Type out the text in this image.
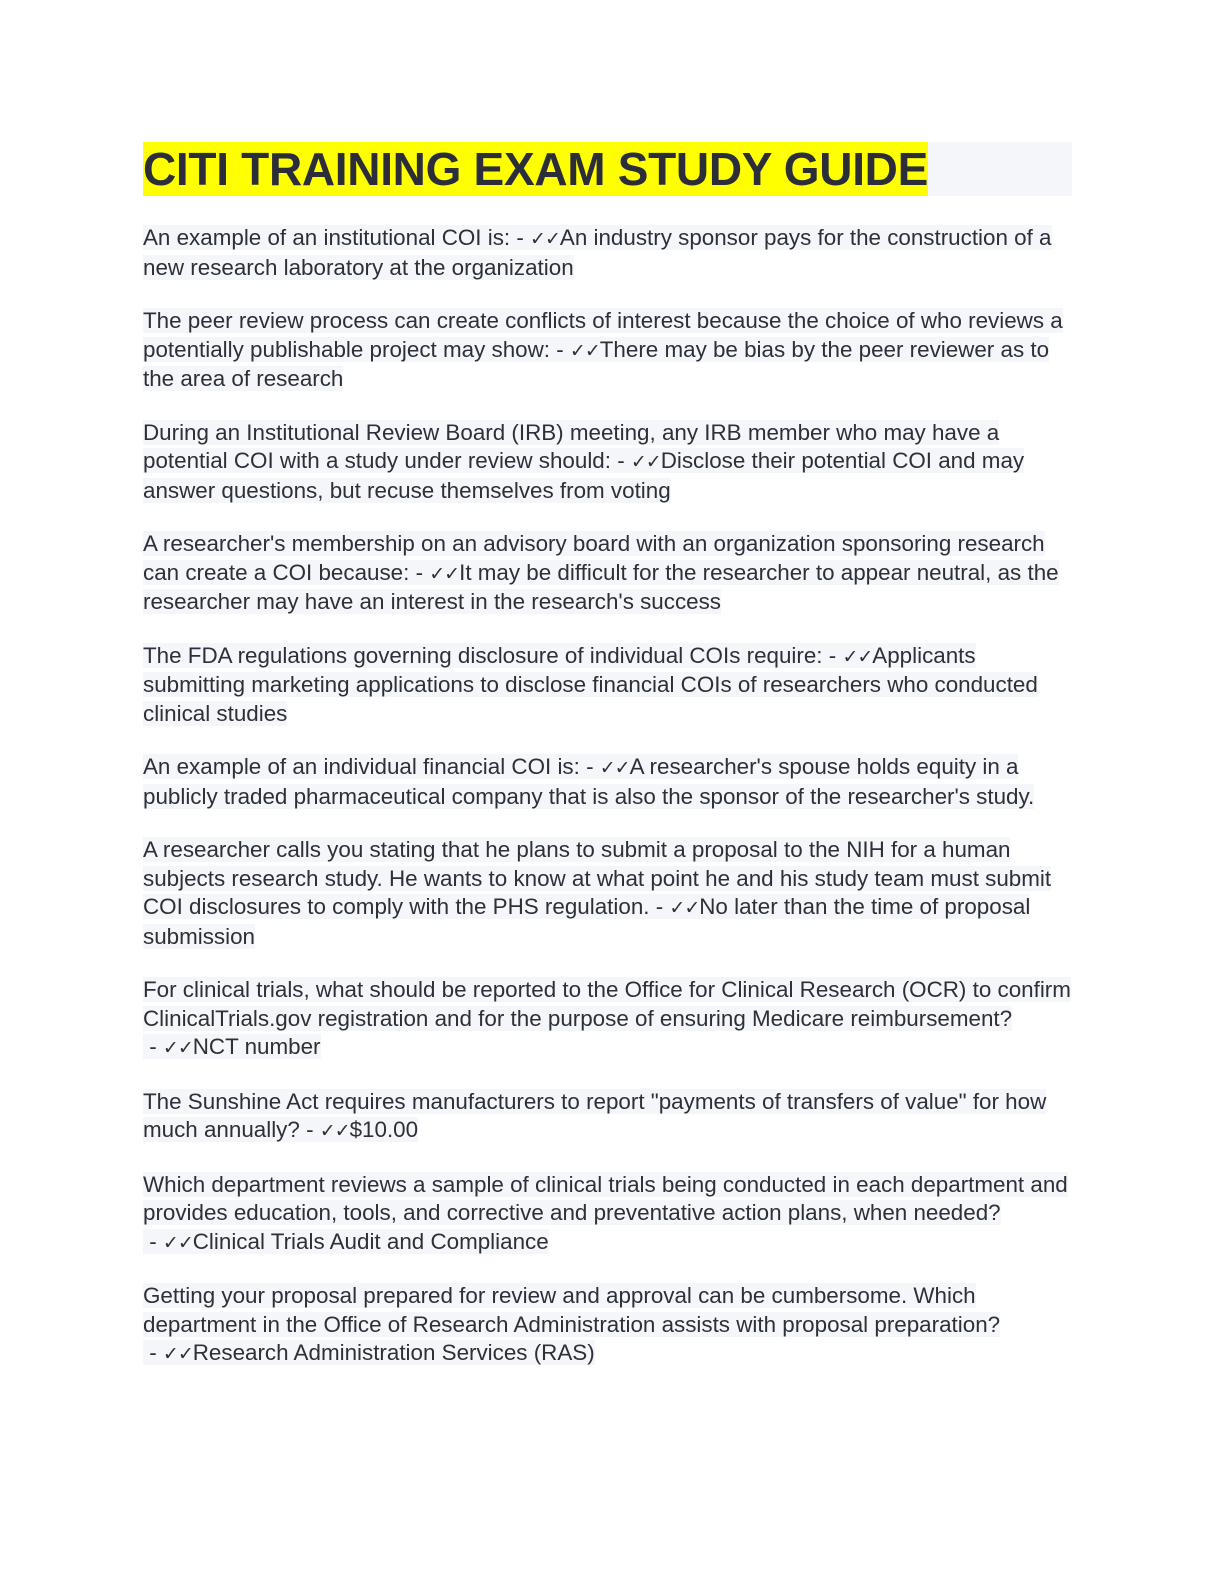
CITI TRAINING EXAM STUDY GUIDE

An example of an institutional COI is: - ✓✓An industry sponsor pays for the construction of a new research laboratory at the organization

The peer review process can create conflicts of interest because the choice of who reviews a potentially publishable project may show: - ✓✓There may be bias by the peer reviewer as to the area of research

During an Institutional Review Board (IRB) meeting, any IRB member who may have a potential COI with a study under review should: - ✓✓Disclose their potential COI and may answer questions, but recuse themselves from voting

A researcher's membership on an advisory board with an organization sponsoring research can create a COI because: - ✓✓It may be difficult for the researcher to appear neutral, as the researcher may have an interest in the research's success

The FDA regulations governing disclosure of individual COIs require: - ✓✓Applicants submitting marketing applications to disclose financial COIs of researchers who conducted clinical studies

An example of an individual financial COI is: - ✓✓A researcher's spouse holds equity in a publicly traded pharmaceutical company that is also the sponsor of the researcher's study.

A researcher calls you stating that he plans to submit a proposal to the NIH for a human subjects research study. He wants to know at what point he and his study team must submit COI disclosures to comply with the PHS regulation. - ✓✓No later than the time of proposal submission

For clinical trials, what should be reported to the Office for Clinical Research (OCR) to confirm ClinicalTrials.gov registration and for the purpose of ensuring Medicare reimbursement? - ✓✓NCT number

The Sunshine Act requires manufacturers to report "payments of transfers of value" for how much annually? - ✓✓$10.00

Which department reviews a sample of clinical trials being conducted in each department and provides education, tools, and corrective and preventative action plans, when needed? - ✓✓Clinical Trials Audit and Compliance

Getting your proposal prepared for review and approval can be cumbersome. Which department in the Office of Research Administration assists with proposal preparation? - ✓✓Research Administration Services (RAS)
